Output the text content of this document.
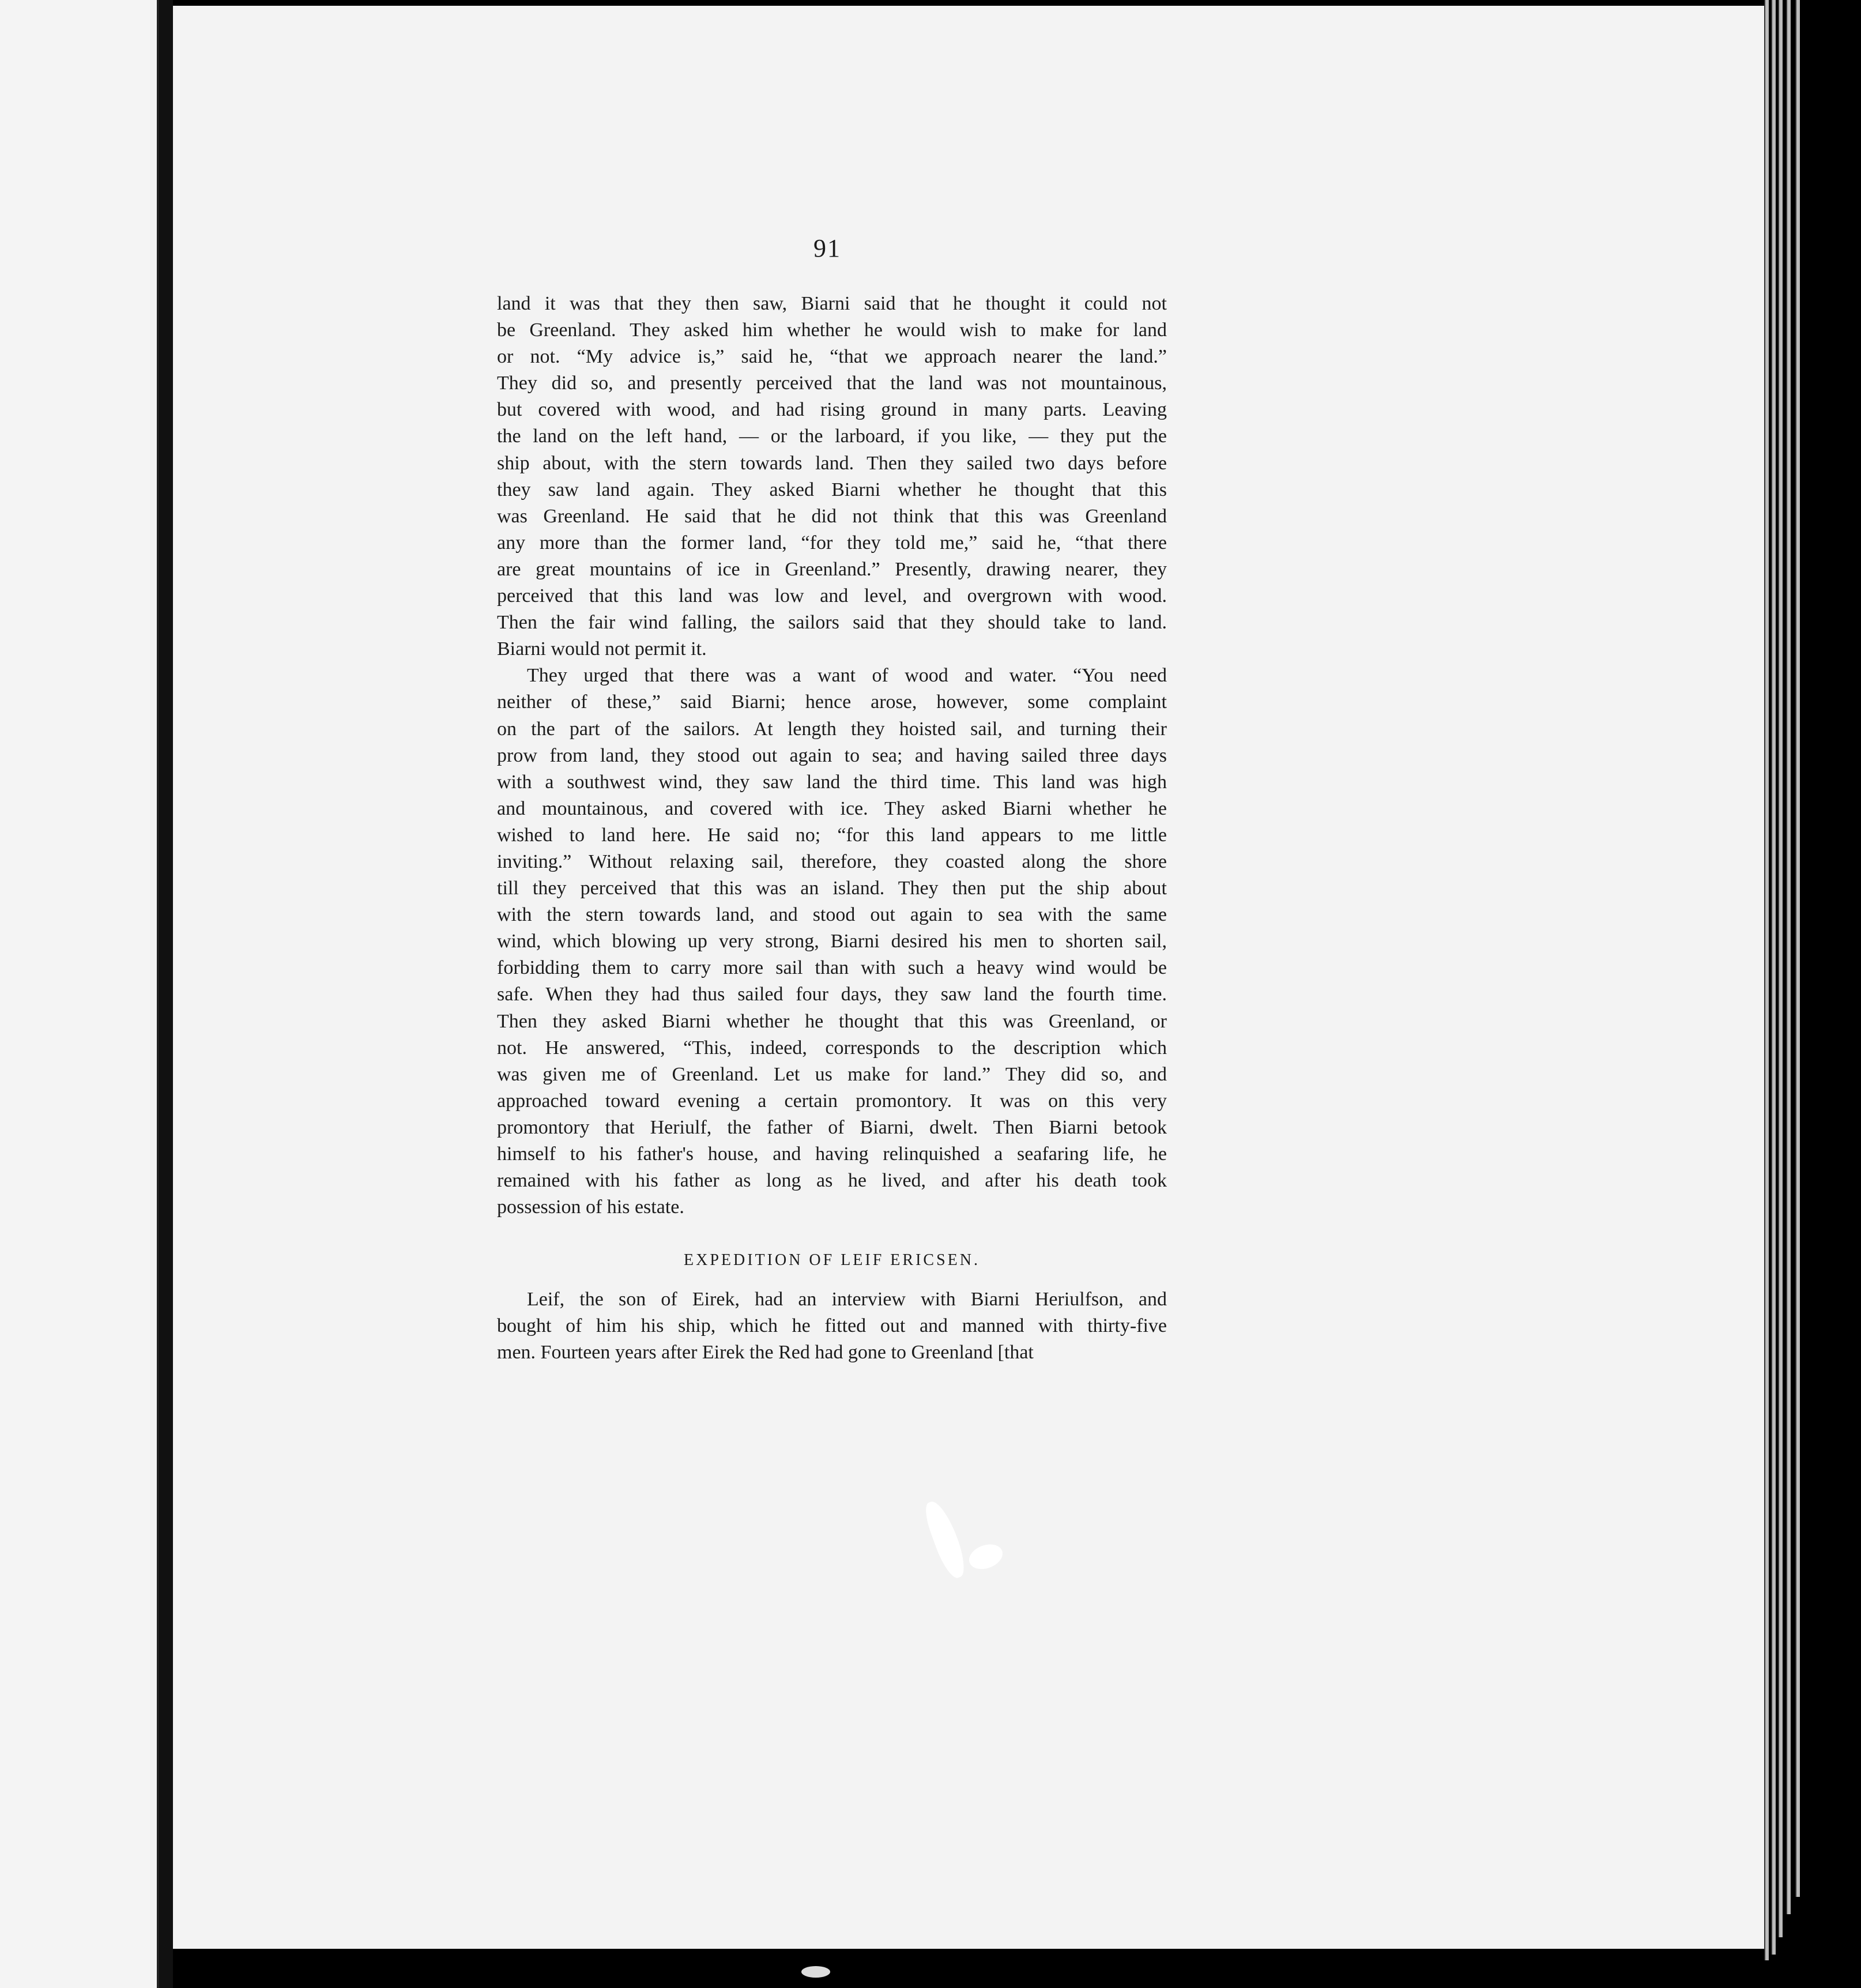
91
land it was that they then saw, Biarni said that he thought it could not
be Greenland. They asked him whether he would wish to make for land
or not. “My advice is,” said he, “that we approach nearer the land.”
They did so, and presently perceived that the land was not mountainous,
but covered with wood, and had rising ground in many parts. Leaving
the land on the left hand, — or the larboard, if you like, — they put the
ship about, with the stern towards land. Then they sailed two days before
they saw land again. They asked Biarni whether he thought that this
was Greenland. He said that he did not think that this was Greenland
any more than the former land, “for they told me,” said he, “that there
are great mountains of ice in Greenland.” Presently, drawing nearer, they
perceived that this land was low and level, and overgrown with wood.
Then the fair wind falling, the sailors said that they should take to land.
Biarni would not permit it.
They urged that there was a want of wood and water. “You need
neither of these,” said Biarni; hence arose, however, some complaint
on the part of the sailors. At length they hoisted sail, and turning their
prow from land, they stood out again to sea; and having sailed three days
with a southwest wind, they saw land the third time. This land was high
and mountainous, and covered with ice. They asked Biarni whether he
wished to land here. He said no; “for this land appears to me little
inviting.” Without relaxing sail, therefore, they coasted along the shore
till they perceived that this was an island. They then put the ship about
with the stern towards land, and stood out again to sea with the same
wind, which blowing up very strong, Biarni desired his men to shorten sail,
forbidding them to carry more sail than with such a heavy wind would be
safe. When they had thus sailed four days, they saw land the fourth time.
Then they asked Biarni whether he thought that this was Greenland, or
not. He answered, “This, indeed, corresponds to the description which
was given me of Greenland. Let us make for land.” They did so, and
approached toward evening a certain promontory. It was on this very
promontory that Heriulf, the father of Biarni, dwelt. Then Biarni betook
himself to his father's house, and having relinquished a seafaring life, he
remained with his father as long as he lived, and after his death took
possession of his estate.
EXPEDITION OF LEIF ERICSEN.
Leif, the son of Eirek, had an interview with Biarni Heriulfson, and
bought of him his ship, which he fitted out and manned with thirty-five
men. Fourteen years after Eirek the Red had gone to Greenland [that
